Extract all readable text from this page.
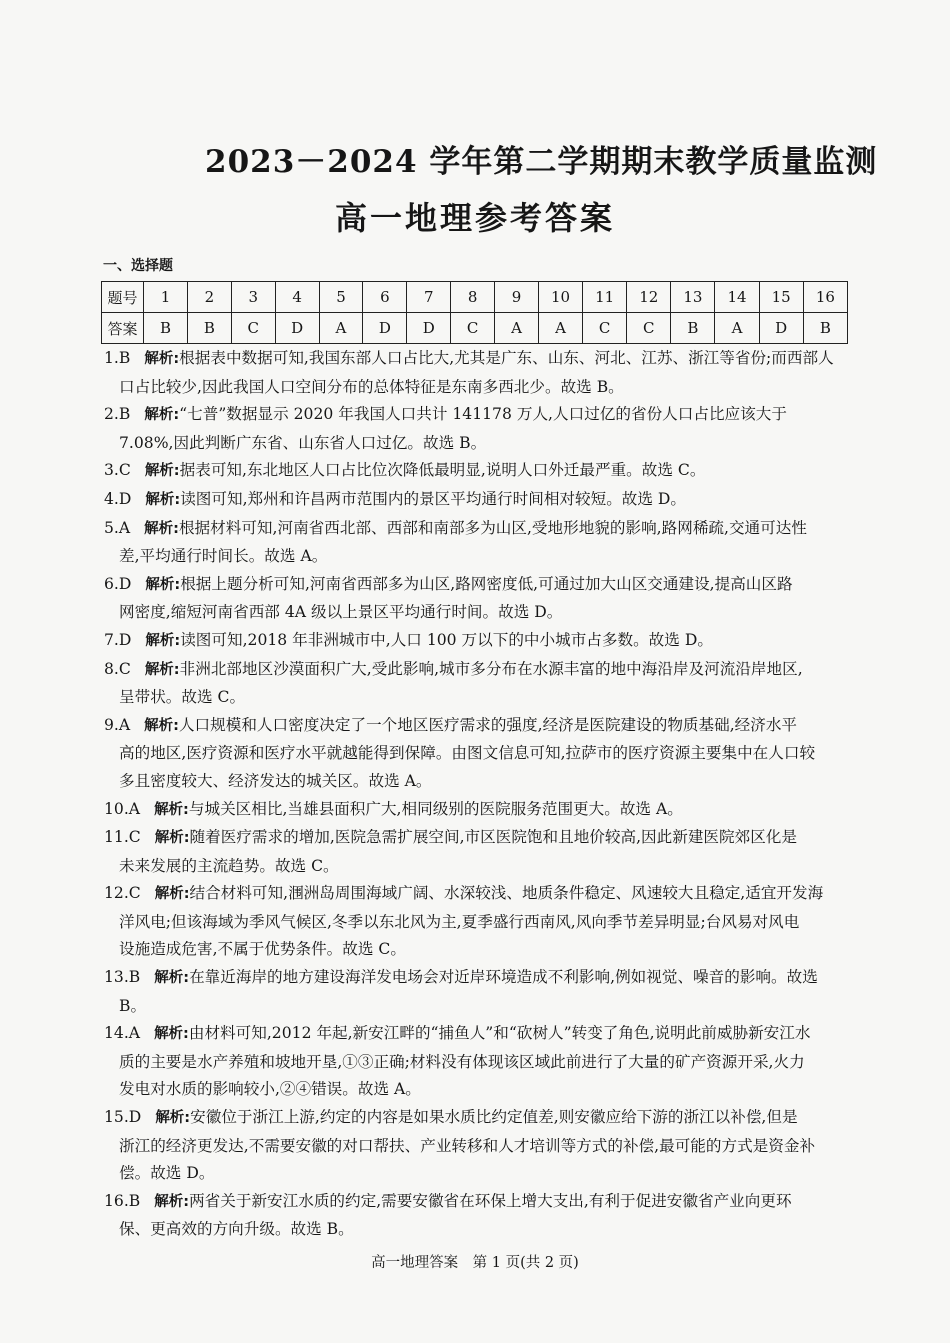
2023－2024 学年第二学期期末教学质量监测
高一地理参考答案
一、选择题
题号	1	2	3	4	5	6	7	8	9	10	11	12	13	14	15	16
答案	B	B	C	D	A	D	D	C	A	A	C	C	B	A	D	B

1.B 解析:根据表中数据可知,我国东部人口占比大,尤其是广东、山东、河北、江苏、浙江等省份;而西部人

口占比较少,因此我国人口空间分布的总体特征是东南多西北少。故选 B。

2.B 解析:“七普”数据显示 2020 年我国人口共计 141178 万人,人口过亿的省份人口占比应该大于

7.08%,因此判断广东省、山东省人口过亿。故选 B。

3.C 解析:据表可知,东北地区人口占比位次降低最明显,说明人口外迁最严重。故选 C。

4.D 解析:读图可知,郑州和许昌两市范围内的景区平均通行时间相对较短。故选 D。

5.A 解析:根据材料可知,河南省西北部、西部和南部多为山区,受地形地貌的影响,路网稀疏,交通可达性

差,平均通行时间长。故选 A。

6.D 解析:根据上题分析可知,河南省西部多为山区,路网密度低,可通过加大山区交通建设,提高山区路

网密度,缩短河南省西部 4A 级以上景区平均通行时间。故选 D。

7.D 解析:读图可知,2018 年非洲城市中,人口 100 万以下的中小城市占多数。故选 D。

8.C 解析:非洲北部地区沙漠面积广大,受此影响,城市多分布在水源丰富的地中海沿岸及河流沿岸地区,

呈带状。故选 C。

9.A 解析:人口规模和人口密度决定了一个地区医疗需求的强度,经济是医院建设的物质基础,经济水平

高的地区,医疗资源和医疗水平就越能得到保障。由图文信息可知,拉萨市的医疗资源主要集中在人口较

多且密度较大、经济发达的城关区。故选 A。

10.A 解析:与城关区相比,当雄县面积广大,相同级别的医院服务范围更大。故选 A。

11.C 解析:随着医疗需求的增加,医院急需扩展空间,市区医院饱和且地价较高,因此新建医院郊区化是

未来发展的主流趋势。故选 C。

12.C 解析:结合材料可知,涠洲岛周围海域广阔、水深较浅、地质条件稳定、风速较大且稳定,适宜开发海

洋风电;但该海域为季风气候区,冬季以东北风为主,夏季盛行西南风,风向季节差异明显;台风易对风电

设施造成危害,不属于优势条件。故选 C。

13.B 解析:在靠近海岸的地方建设海洋发电场会对近岸环境造成不利影响,例如视觉、噪音的影响。故选

B。

14.A 解析:由材料可知,2012 年起,新安江畔的“捕鱼人”和“砍树人”转变了角色,说明此前威胁新安江水

质的主要是水产养殖和坡地开垦,①③正确;材料没有体现该区域此前进行了大量的矿产资源开采,火力

发电对水质的影响较小,②④错误。故选 A。

15.D 解析:安徽位于浙江上游,约定的内容是如果水质比约定值差,则安徽应给下游的浙江以补偿,但是

浙江的经济更发达,不需要安徽的对口帮扶、产业转移和人才培训等方式的补偿,最可能的方式是资金补

偿。故选 D。

16.B 解析:两省关于新安江水质的约定,需要安徽省在环保上增大支出,有利于促进安徽省产业向更环

保、更高效的方向升级。故选 B。

高一地理答案　第 1 页(共 2 页)
